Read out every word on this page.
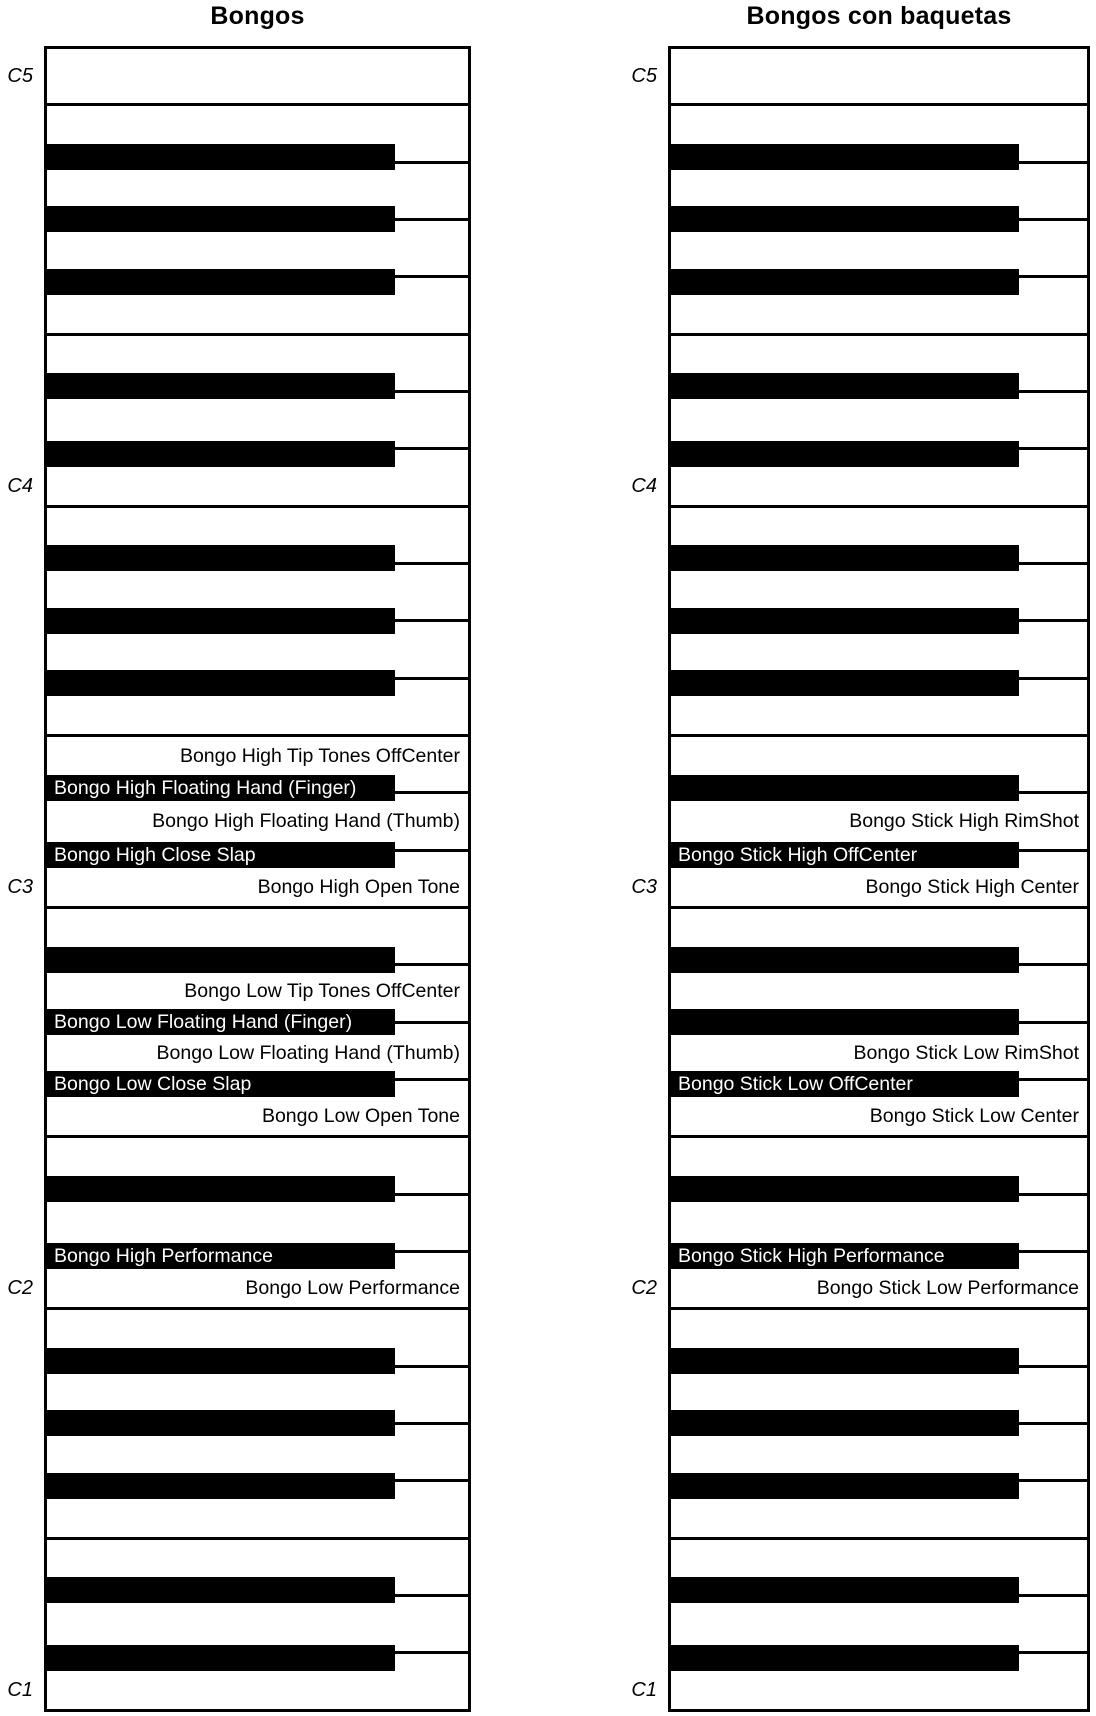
Bongos	Bongos con baquetas
Bongo High Tip Tones OffCenter
Bongo High Floating Hand (Finger)
Bongo High Floating Hand (Thumb)
Bongo High Close Slap
Bongo High Open Tone
Bongo Low Tip Tones OffCenter
Bongo Low Floating Hand (Finger)
Bongo Low Floating Hand (Thumb)
Bongo Low Close Slap
Bongo Low Open Tone
Bongo High Performance
Bongo Low Performance
C5
C4
C3
C2
C1
Bongo Stick High RimShot
Bongo Stick High OffCenter
Bongo Stick High Center
Bongo Stick Low RimShot
Bongo Stick Low OffCenter
Bongo Stick Low Center
Bongo Stick High Performance
Bongo Stick Low Performance
C5
C4
C3
C2
C1
